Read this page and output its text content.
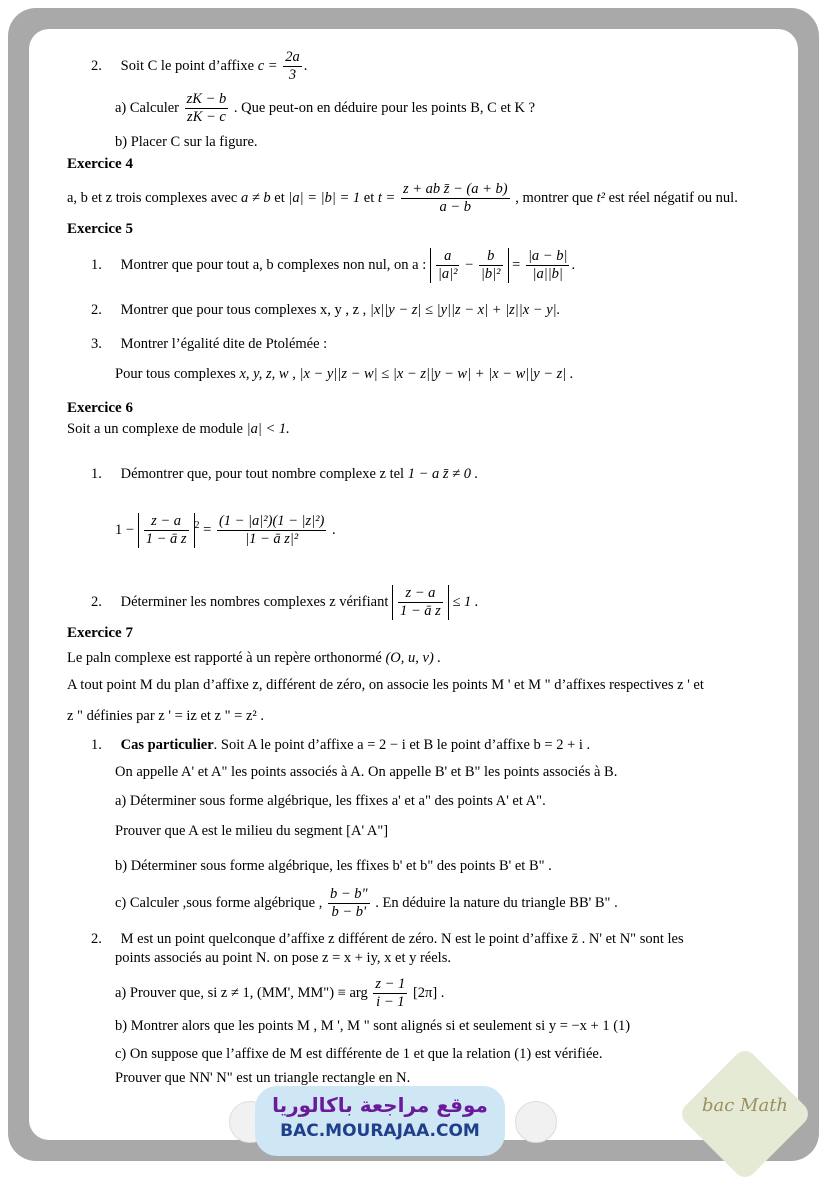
2. Soit C le point d’affixe $c = \frac{2a}{3}$ .
a) Calculer $\frac{zK - b}{zK - c}$ . Que peut-on en déduire pour les points B, C et K ?
b) Placer C sur la figure.
Exercice 4
a, b et z trois complexes avec a ≠ b et |a| = |b| = 1 et $t = \frac{\text{z + ab z̄ − (a + b)}}{a - b}$ , montrer que t² est réel négatif ou nul.
Exercice 5
1. Montrer que pour tout a, b complexes non nul, on a : $\frac{a}{\text{|a|²}} - \frac{b}{\text{|b|²}} = \frac{|a - b|}{|a||b|}$ .
2. Montrer que pour tous complexes x, y , z , |x||y − z| ≤ |y||z − x| + |z||x − y|.
3. Montrer l’égalité dite de Ptolémée :
Pour tous complexes x, y, z, w , |x − y||z − w| ≤ |x − z||y − w| + |x − w||y − z| .
Exercice 6
Soit a un complexe de module |a| < 1.
1. Démontrer que, pour tout nombre complexe z tel 1 − a z̄ ≠ 0 .
$1 - \frac{z - a}{\text{1 − ā z}} ^2 = \frac{\text{(1 − |a|²)(1 − |z|²)}}{\text{|1 − ā z|²}}$ .
2. Déterminer les nombres complexes z vérifiant $\frac{z - a}{\text{1 − ā z}} \le 1$ .
Exercice 7
Le paln complexe est rapporté à un repère orthonormé (O, u, v) .
A tout point M du plan d’affixe z, différent de zéro, on associe les points M ' et M " d’affixes respectives z ' et
z " définies par z ' = iz et z " = z² .
1. Cas particulier. Soit A le point d’affixe a = 2 − i et B le point d’affixe b = 2 + i .
On appelle A' et A" les points associés à A. On appelle B' et B" les points associés à B.
a) Déterminer sous forme algébrique, les ffixes a' et a" des points A' et A".
Prouver que A est le milieu du segment [A' A"]
b) Déterminer sous forme algébrique, les ffixes b' et b" des points B' et B" .
c) Calculer ,sous forme algébrique , $\frac{b - b"}{b - b'}$ . En déduire la nature du triangle BB' B" .
2. M est un point quelconque d’affixe z différent de zéro. N est le point d’affixe z̄ . N' et N" sont les
points associés au point N. on pose z = x + iy, x et y réels.
a) Prouver que, si z ≠ 1, (MM', MM") ≡ arg $\frac{z - 1}{i - 1} [2\pi]$ .
b) Montrer alors que les points M , M ', M " sont alignés si et seulement si y = −x + 1 (1)
c) On suppose que l’affixe de M est différente de 1 et que la relation (1) est vérifiée.
Prouver que NN' N" est un triangle rectangle en N.
موقع مراجعة باكالوريا
BAC.MOURAJAA.COM
bac Math
